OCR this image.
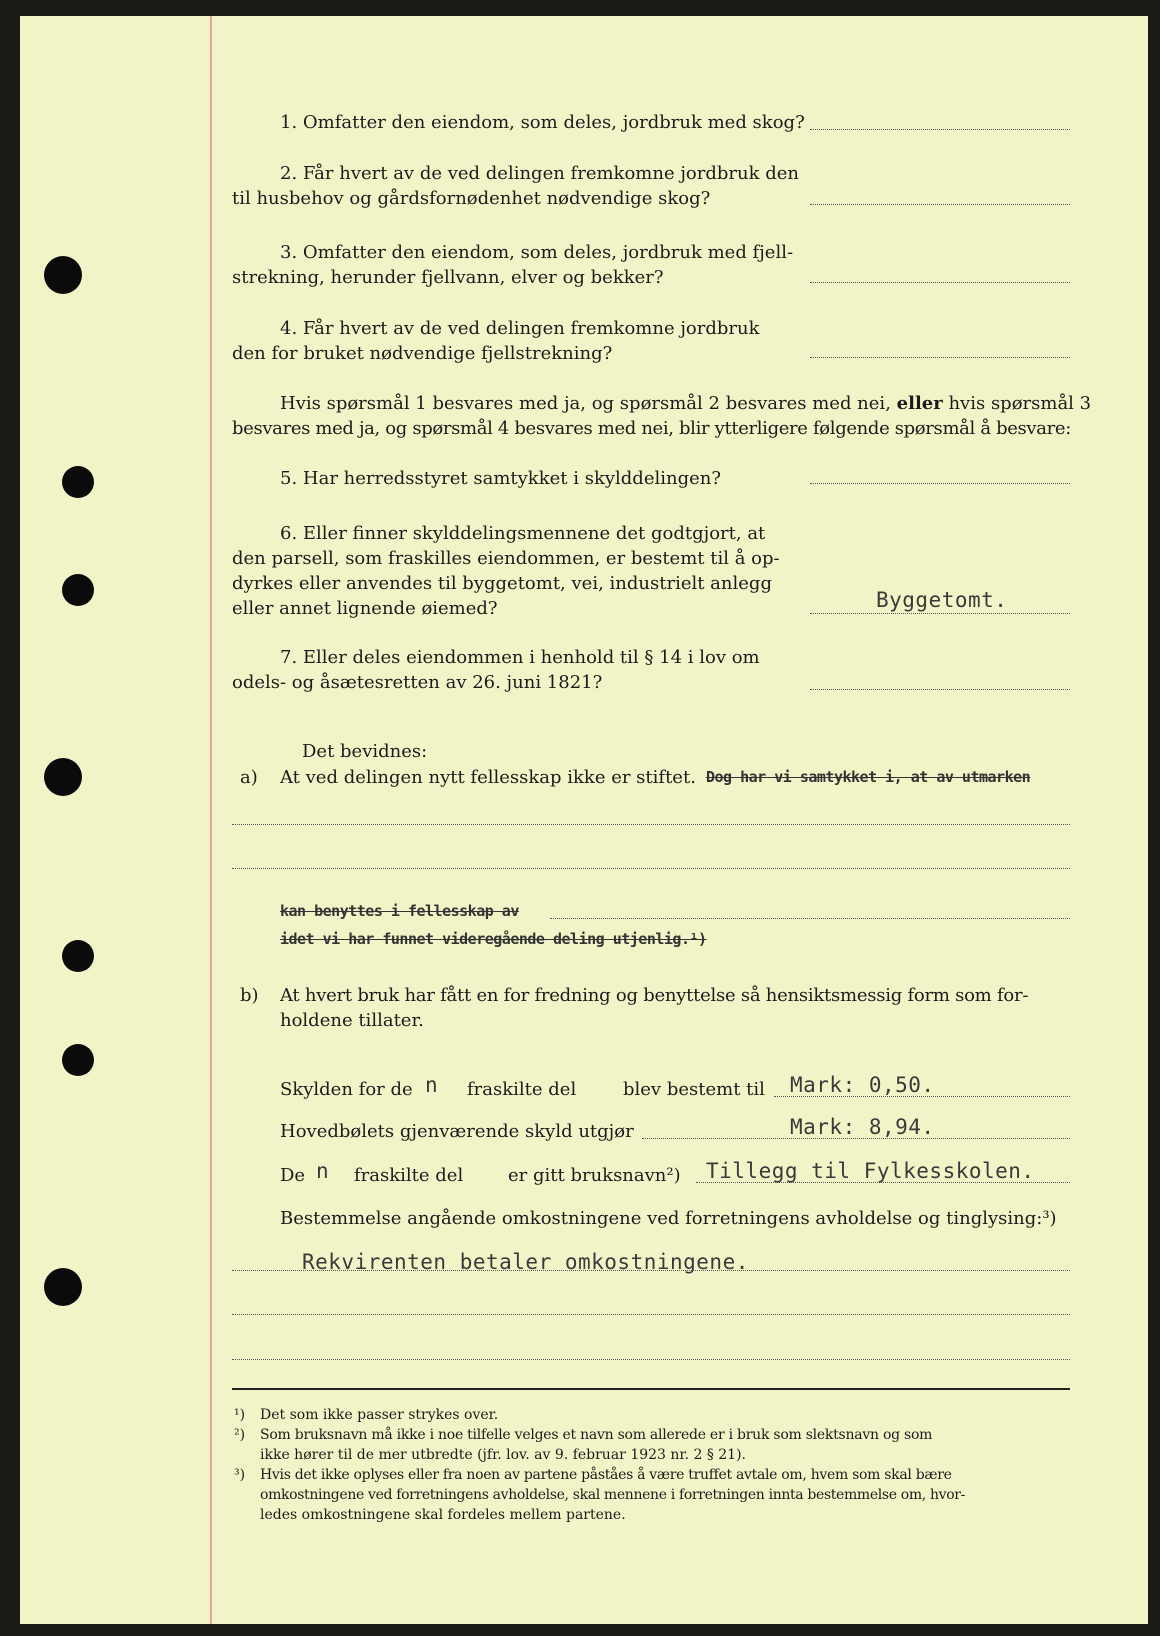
1. Omfatter den eiendom, som deles, jordbruk med skog?
2. Får hvert av de ved delingen fremkomne jordbruk den
til husbehov og gårdsfornødenhet nødvendige skog?
3. Omfatter den eiendom, som deles, jordbruk med fjell-
strekning, herunder fjellvann, elver og bekker?
4. Får hvert av de ved delingen fremkomne jordbruk
den for bruket nødvendige fjellstrekning?
Hvis spørsmål 1 besvares med ja, og spørsmål 2 besvares med nei, eller hvis spørsmål 3
besvares med ja, og spørsmål 4 besvares med nei, blir ytterligere følgende spørsmål å besvare:
5. Har herredsstyret samtykket i skylddelingen?
6. Eller finner skylddelingsmennene det godtgjort, at
den parsell, som fraskilles eiendommen, er bestemt til å op-
dyrkes eller anvendes til byggetomt, vei, industrielt anlegg
eller annet lignende øiemed?	Byggetomt.
7. Eller deles eiendommen i henhold til § 14 i lov om
odels- og åsætesretten av 26. juni 1821?
Det bevidnes:
a) At ved delingen nytt fellesskap ikke er stiftet. Dog har vi samtykket i, at av utmarken
kan benyttes i fellesskap av
idet vi har funnet videregående deling utjenlig.¹)
b) At hvert bruk har fått en for fredning og benyttelse så hensiktsmessig form som for-
holdene tillater.
Skylden for de n fraskilte del	blev bestemt til Mark: 0,50.
Hovedbølets gjenværende skyld utgjør	Mark: 8,94.
De n fraskilte del er gitt bruksnavn²) Tillegg til Fylkesskolen.
Bestemmelse angående omkostningene ved forretningens avholdelse og tinglysing:³)
Rekvirenten betaler omkostningene.
¹) Det som ikke passer strykes over.
²) Som bruksnavn må ikke i noe tilfelle velges et navn som allerede er i bruk som slektsnavn og som
ikke hører til de mer utbredte (jfr. lov. av 9. februar 1923 nr. 2 § 21).
³) Hvis det ikke oplyses eller fra noen av partene påståes å være truffet avtale om, hvem som skal bære
omkostningene ved forretningens avholdelse, skal mennene i forretningen innta bestemmelse om, hvor-
ledes omkostningene skal fordeles mellem partene.
